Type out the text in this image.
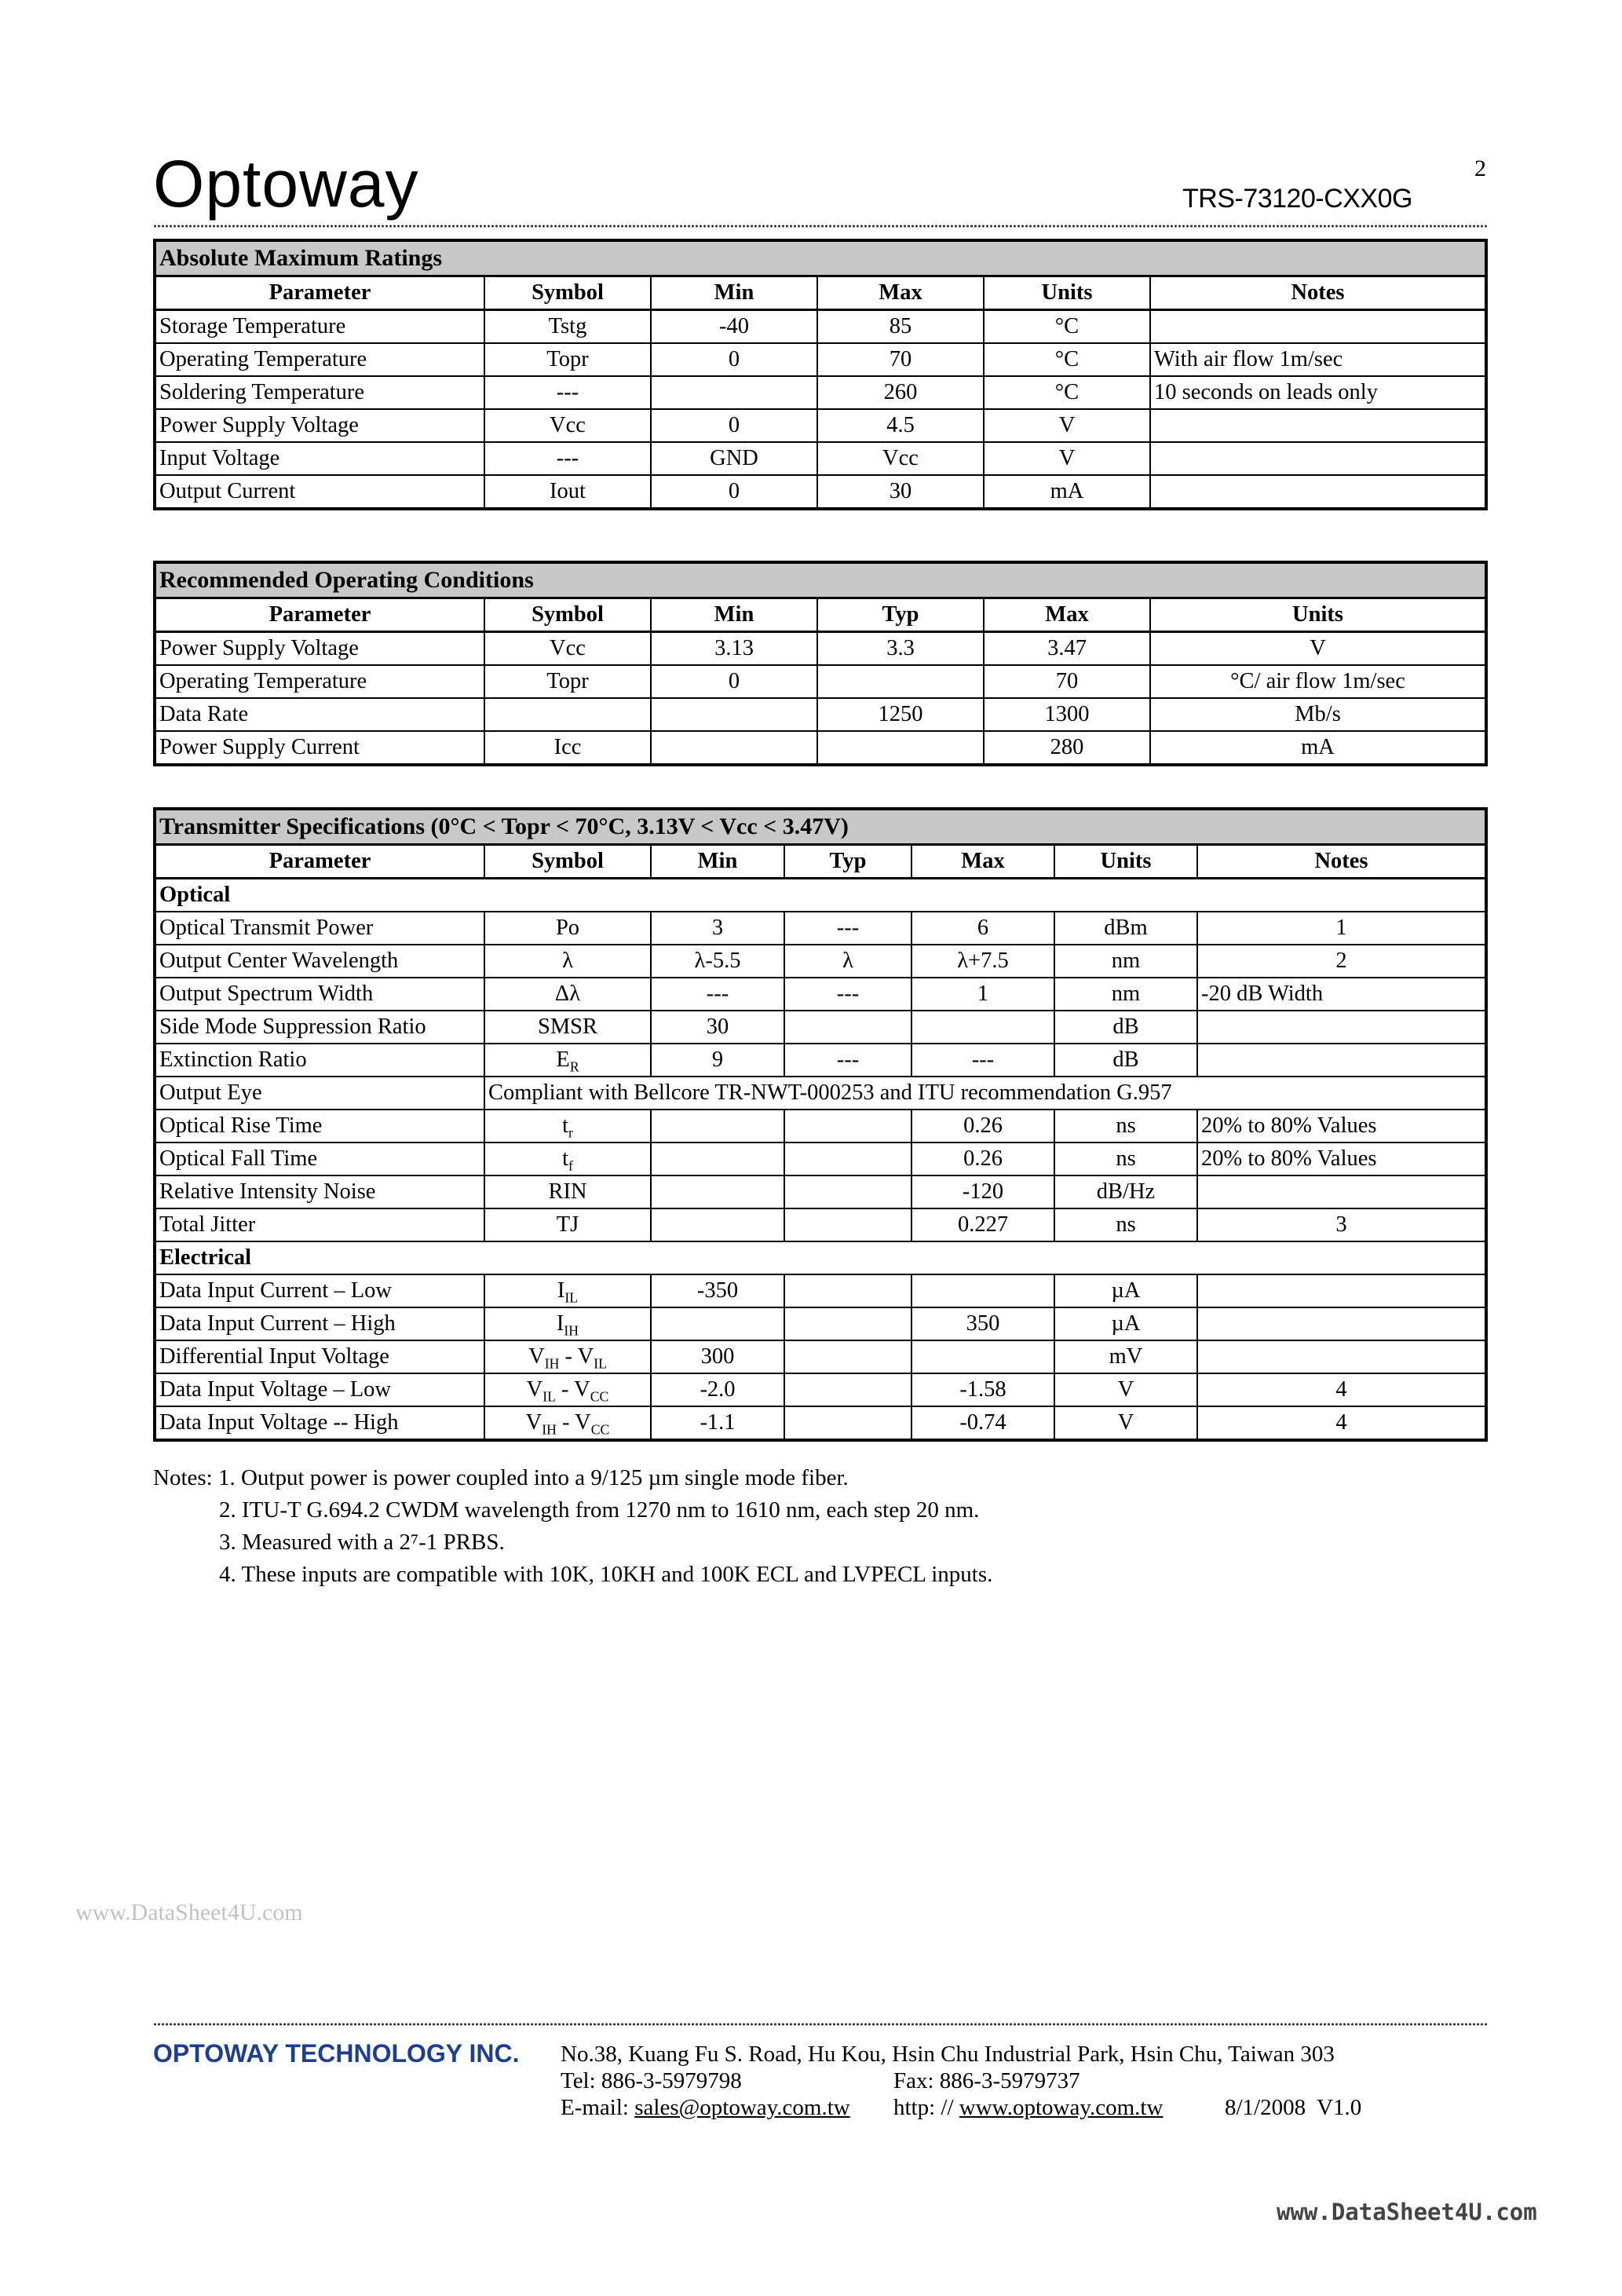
Optoway	2
TRS-73120-CXX0G
Absolute Maximum Ratings					
Parameter	Symbol	Min	Max	Units	Notes
Storage Temperature	Tstg	-40	85	°C	
Operating Temperature	Topr	0	70	°C	With air flow 1m/sec
Soldering Temperature	---		260	°C	10 seconds on leads only
Power Supply Voltage	Vcc	0	4.5	V	
Input Voltage	---	GND	Vcc	V	
Output Current	Iout	0	30	mA	
Recommended Operating Conditions					
Parameter	Symbol	Min	Typ	Max	Units
Power Supply Voltage	Vcc	3.13	3.3	3.47	V
Operating Temperature	Topr	0		70	°C/ air flow 1m/sec
Data Rate			1250	1300	Mb/s
Power Supply Current	Icc			280	mA
Transmitter Specifications (0°C < Topr < 70°C, 3.13V < Vcc < 3.47V)						
Parameter	Symbol	Min	Typ	Max	Units	Notes
Optical						
Optical Transmit Power	Po	3	---	6	dBm	1
Output Center Wavelength	λ	λ-5.5	λ	λ+7.5	nm	2
Output Spectrum Width	Δλ	---	---	1	nm	-20 dB Width
Side Mode Suppression Ratio	SMSR	30			dB	
Extinction Ratio	$E_R$	9	---	---	dB	
Output Eye	Compliant with Bellcore TR-NWT-000253 and ITU recommendation G.957					
Optical Rise Time	$t_r$			0.26	ns	20% to 80% Values
Optical Fall Time	$t_f$			0.26	ns	20% to 80% Values
Relative Intensity Noise	RIN			-120	dB/Hz	
Total Jitter	TJ			0.227	ns	3
Electrical						
Data Input Current – Low	$I_{IL}$	-350			µA	
Data Input Current – High	$I_{IH}$			350	µA	
Differential Input Voltage	$V_{IH} - V_{IL}$	300			mV	
Data Input Voltage – Low	$V_{IL} - V_{CC}$	-2.0		-1.58	V	4
Data Input Voltage -- High	$V_{IH} - V_{CC}$	-1.1		-0.74	V	4
Notes: 1. Output power is power coupled into a 9/125 µm single mode fiber.
2. ITU-T G.694.2 CWDM wavelength from 1270 nm to 1610 nm, each step 20 nm.
3. Measured with a 2⁷-1 PRBS.
4. These inputs are compatible with 10K, 10KH and 100K ECL and LVPECL inputs.
www.DataSheet4U.com
OPTOWAY TECHNOLOGY INC. No.38, Kuang Fu S. Road, Hu Kou, Hsin Chu Industrial Park, Hsin Chu, Taiwan 303
Tel: 886-3-5979798	Fax: 886-3-5979737
E-mail: sales@optoway.com.tw http: // www.optoway.com.tw	8/1/2008  V1.0
www.DataSheet4U.com
